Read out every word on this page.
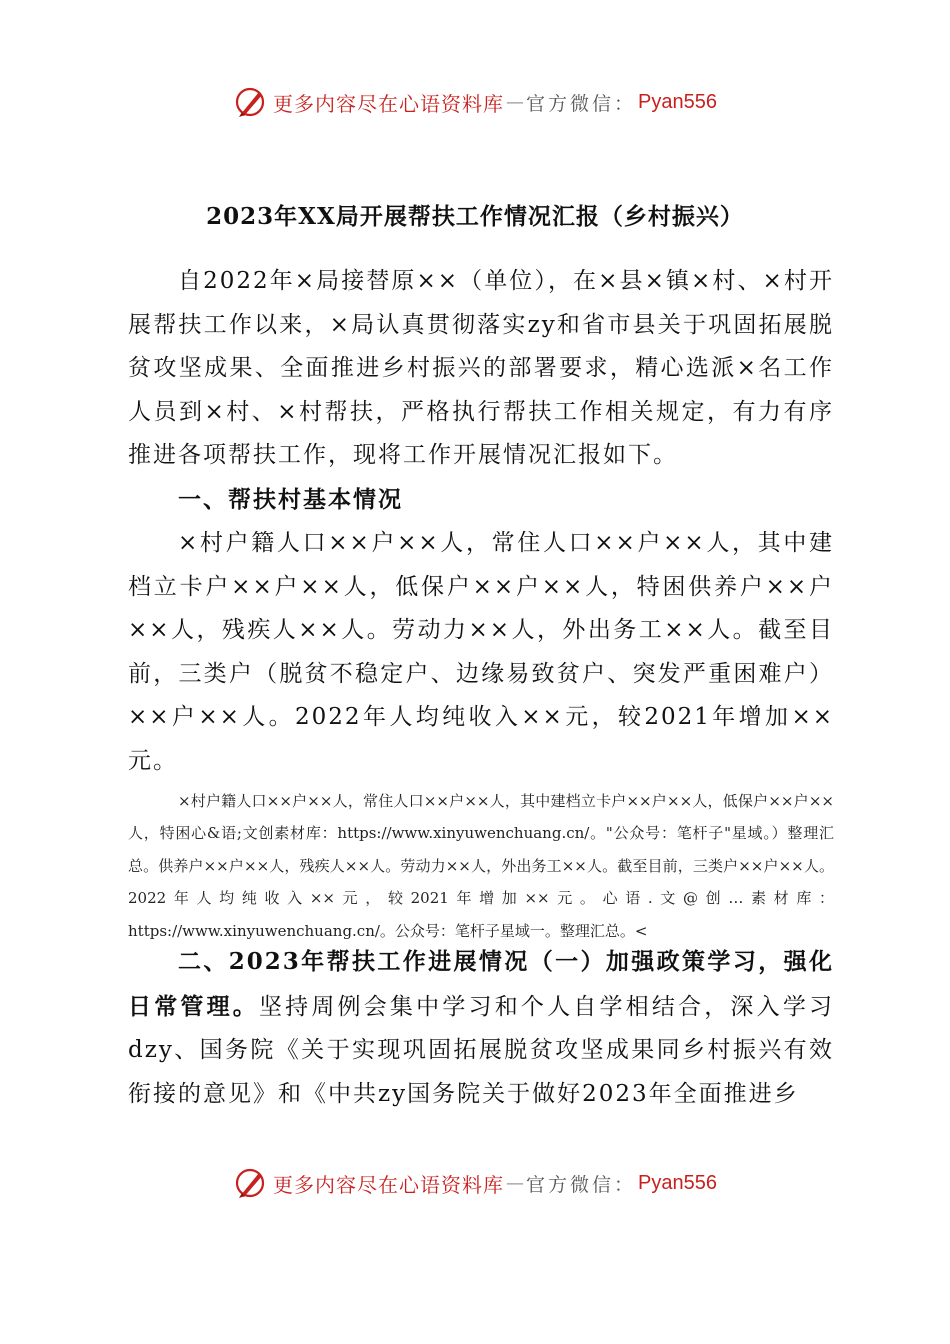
更多内容尽在心语资料库 — 官方微信： Pyan556
2023年XX局开展帮扶工作情况汇报（乡村振兴）

自2022年×局接替原××（单位），在×县×镇×村、×村开展帮扶工作以来，×局认真贯彻落实zy和省市县关于巩固拓展脱贫攻坚成果、全面推进乡村振兴的部署要求，精心选派×名工作人员到×村、×村帮扶，严格执行帮扶工作相关规定，有力有序推进各项帮扶工作，现将工作开展情况汇报如下。

一、帮扶村基本情况

×村户籍人口××户××人，常住人口××户××人，其中建档立卡户××户××人，低保户××户××人，特困供养户××户××人，残疾人××人。劳动力××人，外出务工××人。截至目前，三类户（脱贫不稳定户、边缘易致贫户、突发严重困难户）××户××人。2022年人均纯收入××元，较2021年增加××元。

×村户籍人口××户××人，常住人口××户××人，其中建档立卡户××户××人，低保户××户××人，特困心&语;文创素材库：https://www.xinyuwenchuang.cn/。"公众号：笔杆子"星域。）整理汇总。供养户××户××人，残疾人××人。劳动力××人，外出务工××人。截至目前，三类户××户××人。2022年人均纯收入××元，较2021年增加××元。心语.文@创…素材库：https://www.xinyuwenchuang.cn/。公众号：笔杆子星域一。整理汇总。<

二、2023年帮扶工作进展情况（一）加强政策学习，强化日常管理。坚持周例会集中学习和个人自学相结合，深入学习dzy、国务院《关于实现巩固拓展脱贫攻坚成果同乡村振兴有效衔接的意见》和《中共zy国务院关于做好2023年全面推进乡

更多内容尽在心语资料库 — 官方微信： Pyan556
